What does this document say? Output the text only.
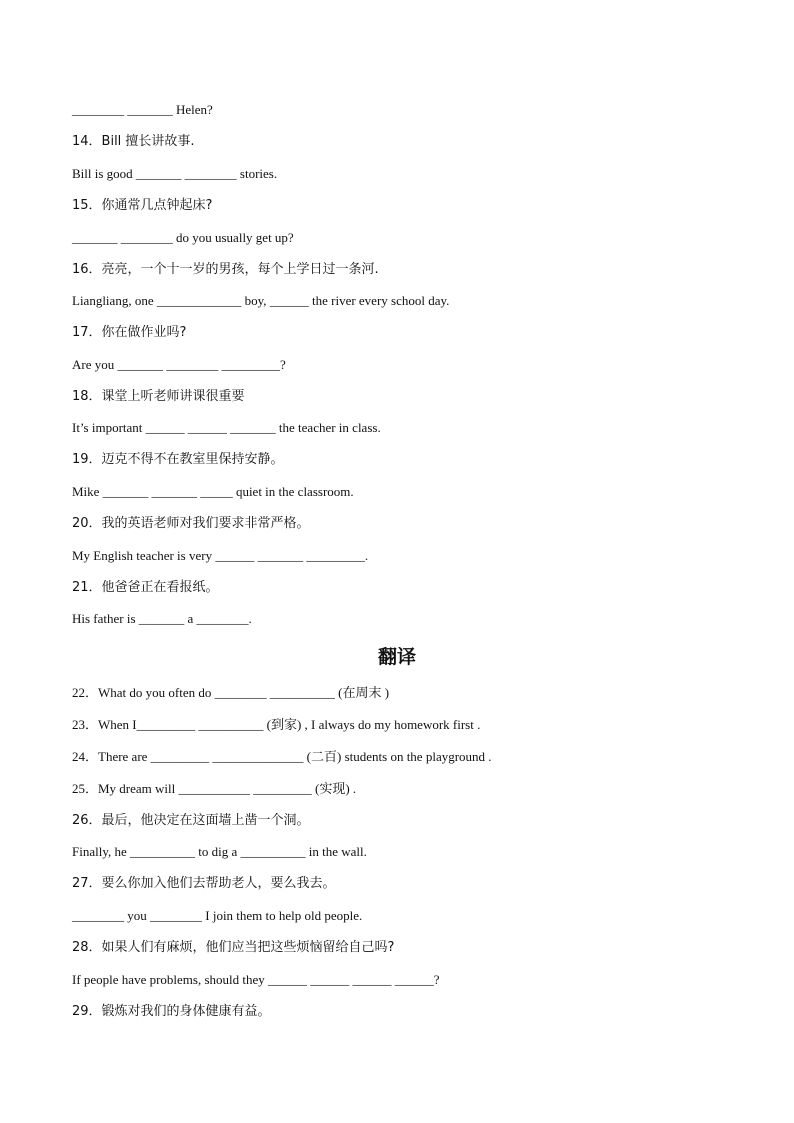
________ _______ Helen?
14．Bill 擅长讲故事.
Bill is good _______ ________ stories.
15．你通常几点钟起床?
_______ ________ do you usually get up?
16．亮亮，一个十一岁的男孩，每个上学日过一条河.
Liangliang, one _____________ boy, ______ the river every school day.
17．你在做作业吗?
Are you _______ ________ _________?
18．课堂上听老师讲课很重要
It’s important ______ ______ _______ the teacher in class.
19．迈克不得不在教室里保持安静。
Mike _______ _______ _____ quiet in the classroom.
20．我的英语老师对我们要求非常严格。
My English teacher is very ______ _______ _________.
21．他爸爸正在看报纸。
His father is _______ a ________.
翻译
22．What do you often do ________ __________ (在周末 )
23．When I_________ __________ (到家) , I always do my homework first .
24．There are _________ ______________ (二百) students on the playground .
25．My dream will ___________ _________ (实现) .
26．最后，他决定在这面墙上凿一个洞。
Finally, he __________ to dig a __________ in the wall.
27．要么你加入他们去帮助老人，要么我去。
________ you ________ I join them to help old people.
28．如果人们有麻烦，他们应当把这些烦恼留给自己吗?
If people have problems, should they ______ ______ ______ ______?
29．锻炼对我们的身体健康有益。
